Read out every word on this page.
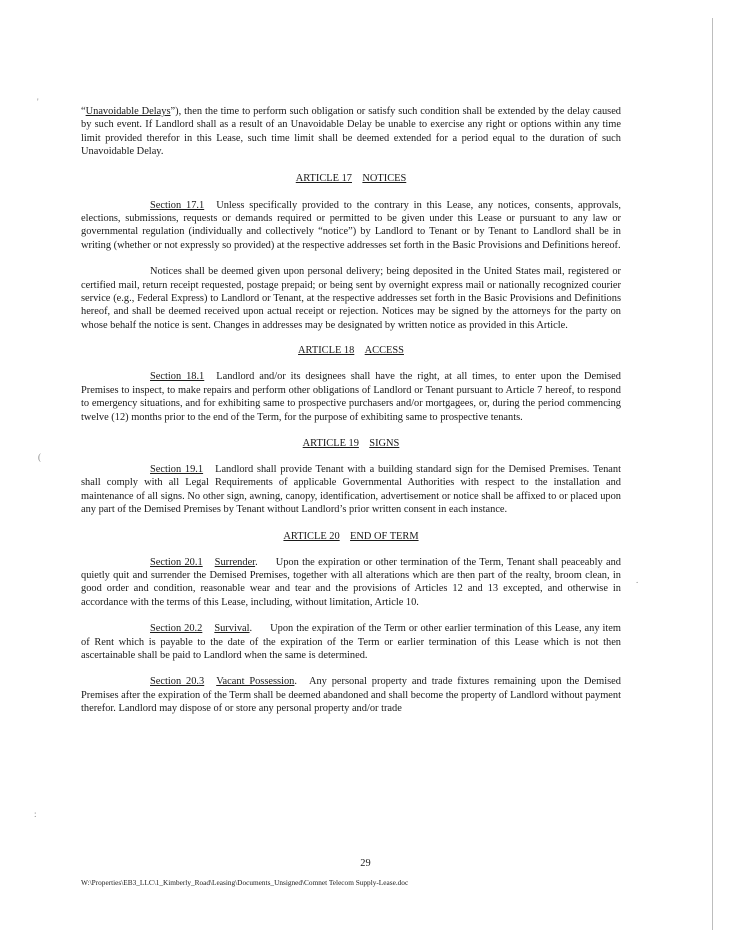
'
(
:
.

“Unavoidable Delays”), then the time to perform such obligation or satisfy such condition shall be extended by the delay caused by such event. If Landlord shall as a result of an Unavoidable Delay be unable to exercise any right or options within any time limit provided therefor in this Lease, such time limit shall be deemed extended for a period equal to the duration of such Unavoidable Delay.

ARTICLE 17 NOTICES

Section 17.1 Unless specifically provided to the contrary in this Lease, any notices, consents, approvals, elections, submissions, requests or demands required or permitted to be given under this Lease or pursuant to any law or governmental regulation (individually and collectively “notice”) by Landlord to Tenant or by Tenant to Landlord shall be in writing (whether or not expressly so provided) at the respective addresses set forth in the Basic Provisions and Definitions hereof.

Notices shall be deemed given upon personal delivery; being deposited in the United States mail, registered or certified mail, return receipt requested, postage prepaid; or being sent by overnight express mail or nationally recognized courier service (e.g., Federal Express) to Landlord or Tenant, at the respective addresses set forth in the Basic Provisions and Definitions hereof, and shall be deemed received upon actual receipt or rejection. Notices may be signed by the attorneys for the party on whose behalf the notice is sent. Changes in addresses may be designated by written notice as provided in this Article.

ARTICLE 18 ACCESS

Section 18.1 Landlord and/or its designees shall have the right, at all times, to enter upon the Demised Premises to inspect, to make repairs and perform other obligations of Landlord or Tenant pursuant to Article 7 hereof, to respond to emergency situations, and for exhibiting same to prospective purchasers and/or mortgagees, or, during the period commencing twelve (12) months prior to the end of the Term, for the purpose of exhibiting same to prospective tenants.

ARTICLE 19 SIGNS

Section 19.1 Landlord shall provide Tenant with a building standard sign for the Demised Premises. Tenant shall comply with all Legal Requirements of applicable Governmental Authorities with respect to the installation and maintenance of all signs. No other sign, awning, canopy, identification, advertisement or notice shall be affixed to or placed upon any part of the Demised Premises by Tenant without Landlord’s prior written consent in each instance.

ARTICLE 20 END OF TERM

Section 20.1 Surrender. Upon the expiration or other termination of the Term, Tenant shall peaceably and quietly quit and surrender the Demised Premises, together with all alterations which are then part of the realty, broom clean, in good order and condition, reasonable wear and tear and the provisions of Articles 12 and 13 excepted, and otherwise in accordance with the terms of this Lease, including, without limitation, Article 10.

Section 20.2 Survival. Upon the expiration of the Term or other earlier termination of this Lease, any item of Rent which is payable to the date of the expiration of the Term or earlier termination of this Lease which is not then ascertainable shall be paid to Landlord when the same is determined.

Section 20.3 Vacant Possession. Any personal property and trade fixtures remaining upon the Demised Premises after the expiration of the Term shall be deemed abandoned and shall become the property of Landlord without payment therefor. Landlord may dispose of or store any personal property and/or trade

29
W:\Properties\EB3_LLC\1_Kimberly_Road\Leasing\Documents_Unsigned\Comnet Telecom Supply-Lease.doc
